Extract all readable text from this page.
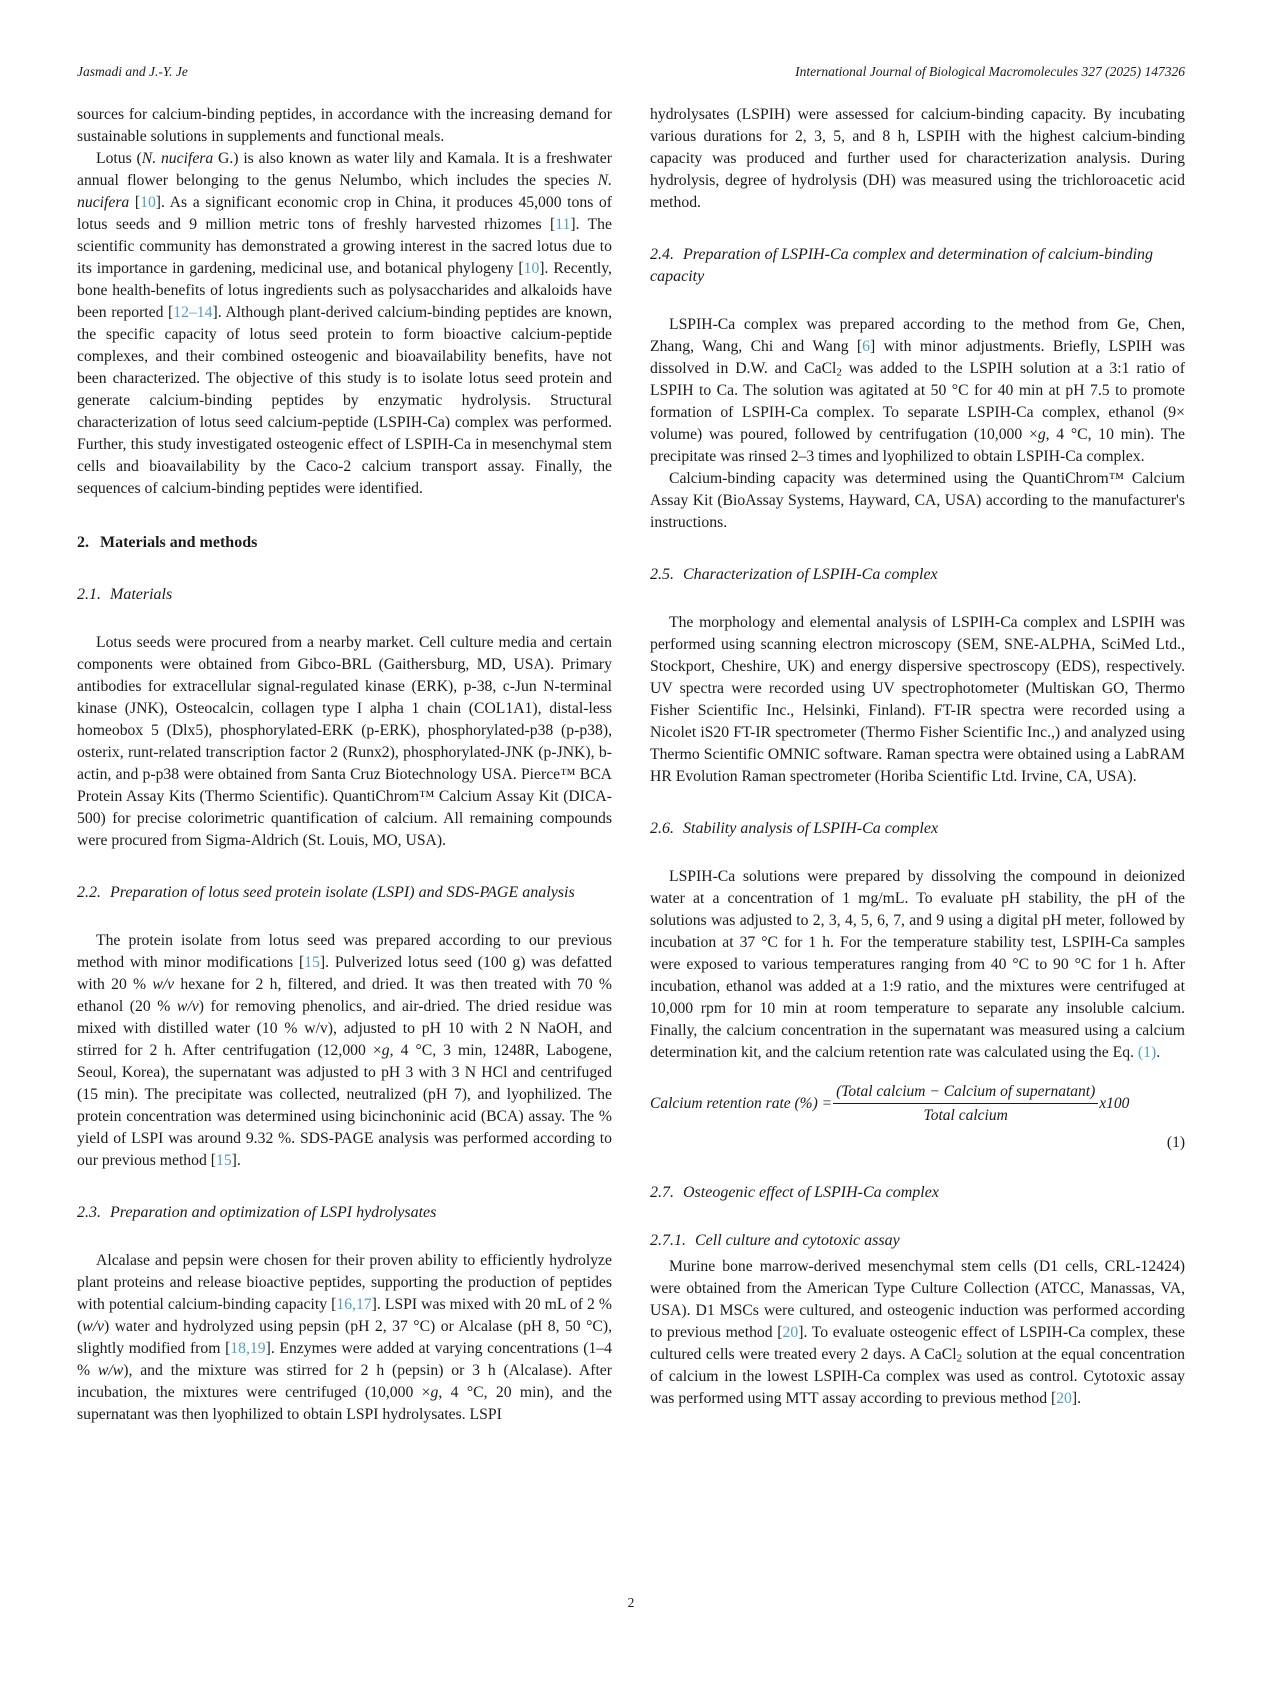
Jasmadi and J.-Y. Je	International Journal of Biological Macromolecules 327 (2025) 147326

sources for calcium-binding peptides, in accordance with the increasing demand for sustainable solutions in supplements and functional meals.

Lotus (N. nucifera G.) is also known as water lily and Kamala. It is a freshwater annual flower belonging to the genus Nelumbo, which includes the species N. nucifera [10]. As a significant economic crop in China, it produces 45,000 tons of lotus seeds and 9 million metric tons of freshly harvested rhizomes [11]. The scientific community has demonstrated a growing interest in the sacred lotus due to its importance in gardening, medicinal use, and botanical phylogeny [10]. Recently, bone health-benefits of lotus ingredients such as polysaccharides and alkaloids have been reported [12–14]. Although plant-derived calcium-binding peptides are known, the specific capacity of lotus seed protein to form bioactive calcium-peptide complexes, and their combined osteogenic and bioavailability benefits, have not been characterized. The objective of this study is to isolate lotus seed protein and generate calcium-binding peptides by enzymatic hydrolysis. Structural characterization of lotus seed calcium-peptide (LSPIH-Ca) complex was performed. Further, this study investigated osteogenic effect of LSPIH-Ca in mesenchymal stem cells and bioavailability by the Caco-2 calcium transport assay. Finally, the sequences of calcium-binding peptides were identified.

2. Materials and methods
2.1. Materials

Lotus seeds were procured from a nearby market. Cell culture media and certain components were obtained from Gibco-BRL (Gaithersburg, MD, USA). Primary antibodies for extracellular signal-regulated kinase (ERK), p-38, c-Jun N-terminal kinase (JNK), Osteocalcin, collagen type I alpha 1 chain (COL1A1), distal-less homeobox 5 (Dlx5), phosphorylated-ERK (p-ERK), phosphorylated-p38 (p-p38), osterix, runt-related transcription factor 2 (Runx2), phosphorylated-JNK (p-JNK), b-actin, and p-p38 were obtained from Santa Cruz Biotechnology USA. Pierce™ BCA Protein Assay Kits (Thermo Scientific). QuantiChrom™ Calcium Assay Kit (DICA-500) for precise colorimetric quantification of calcium. All remaining compounds were procured from Sigma-Aldrich (St. Louis, MO, USA).

2.2. Preparation of lotus seed protein isolate (LSPI) and SDS-PAGE analysis

The protein isolate from lotus seed was prepared according to our previous method with minor modifications [15]. Pulverized lotus seed (100 g) was defatted with 20 % w/v hexane for 2 h, filtered, and dried. It was then treated with 70 % ethanol (20 % w/v) for removing phenolics, and air-dried. The dried residue was mixed with distilled water (10 % w/v), adjusted to pH 10 with 2 N NaOH, and stirred for 2 h. After centrifugation (12,000 ×g, 4 °C, 3 min, 1248R, Labogene, Seoul, Korea), the supernatant was adjusted to pH 3 with 3 N HCl and centrifuged (15 min). The precipitate was collected, neutralized (pH 7), and lyophilized. The protein concentration was determined using bicinchoninic acid (BCA) assay. The % yield of LSPI was around 9.32 %. SDS-PAGE analysis was performed according to our previous method [15].

2.3. Preparation and optimization of LSPI hydrolysates

Alcalase and pepsin were chosen for their proven ability to efficiently hydrolyze plant proteins and release bioactive peptides, supporting the production of peptides with potential calcium-binding capacity [16,17]. LSPI was mixed with 20 mL of 2 % (w/v) water and hydrolyzed using pepsin (pH 2, 37 °C) or Alcalase (pH 8, 50 °C), slightly modified from [18,19]. Enzymes were added at varying concentrations (1–4 % w/w), and the mixture was stirred for 2 h (pepsin) or 3 h (Alcalase). After incubation, the mixtures were centrifuged (10,000 ×g, 4 °C, 20 min), and the supernatant was then lyophilized to obtain LSPI hydrolysates. LSPI

hydrolysates (LSPIH) were assessed for calcium-binding capacity. By incubating various durations for 2, 3, 5, and 8 h, LSPIH with the highest calcium-binding capacity was produced and further used for characterization analysis. During hydrolysis, degree of hydrolysis (DH) was measured using the trichloroacetic acid method.

2.4. Preparation of LSPIH-Ca complex and determination of calcium-binding capacity

LSPIH-Ca complex was prepared according to the method from Ge, Chen, Zhang, Wang, Chi and Wang [6] with minor adjustments. Briefly, LSPIH was dissolved in D.W. and CaCl$_2$ was added to the LSPIH solution at a 3:1 ratio of LSPIH to Ca. The solution was agitated at 50 °C for 40 min at pH 7.5 to promote formation of LSPIH-Ca complex. To separate LSPIH-Ca complex, ethanol (9× volume) was poured, followed by centrifugation (10,000 ×g, 4 °C, 10 min). The precipitate was rinsed 2–3 times and lyophilized to obtain LSPIH-Ca complex.

Calcium-binding capacity was determined using the QuantiChrom™ Calcium Assay Kit (BioAssay Systems, Hayward, CA, USA) according to the manufacturer's instructions.

2.5. Characterization of LSPIH-Ca complex

The morphology and elemental analysis of LSPIH-Ca complex and LSPIH was performed using scanning electron microscopy (SEM, SNE-ALPHA, SciMed Ltd., Stockport, Cheshire, UK) and energy dispersive spectroscopy (EDS), respectively. UV spectra were recorded using UV spectrophotometer (Multiskan GO, Thermo Fisher Scientific Inc., Helsinki, Finland). FT-IR spectra were recorded using a Nicolet iS20 FT-IR spectrometer (Thermo Fisher Scientific Inc.,) and analyzed using Thermo Scientific OMNIC software. Raman spectra were obtained using a LabRAM HR Evolution Raman spectrometer (Horiba Scientific Ltd. Irvine, CA, USA).

2.6. Stability analysis of LSPIH-Ca complex

LSPIH-Ca solutions were prepared by dissolving the compound in deionized water at a concentration of 1 mg/mL. To evaluate pH stability, the pH of the solutions was adjusted to 2, 3, 4, 5, 6, 7, and 9 using a digital pH meter, followed by incubation at 37 °C for 1 h. For the temperature stability test, LSPIH-Ca samples were exposed to various temperatures ranging from 40 °C to 90 °C for 1 h. After incubation, ethanol was added at a 1:9 ratio, and the mixtures were centrifuged at 10,000 rpm for 10 min at room temperature to separate any insoluble calcium. Finally, the calcium concentration in the supernatant was measured using a calcium determination kit, and the calcium retention rate was calculated using the Eq. (1).

Calcium retention rate (%) = $\frac{\text{(Total calcium − Calcium of supernatant)}}{\text{Total calcium}} x100$
(1)
2.7. Osteogenic effect of LSPIH-Ca complex
2.7.1. Cell culture and cytotoxic assay

Murine bone marrow-derived mesenchymal stem cells (D1 cells, CRL-12424) were obtained from the American Type Culture Collection (ATCC, Manassas, VA, USA). D1 MSCs were cultured, and osteogenic induction was performed according to previous method [20]. To evaluate osteogenic effect of LSPIH-Ca complex, these cultured cells were treated every 2 days. A CaCl$_2$ solution at the equal concentration of calcium in the lowest LSPIH-Ca complex was used as control. Cytotoxic assay was performed using MTT assay according to previous method [20].

2
